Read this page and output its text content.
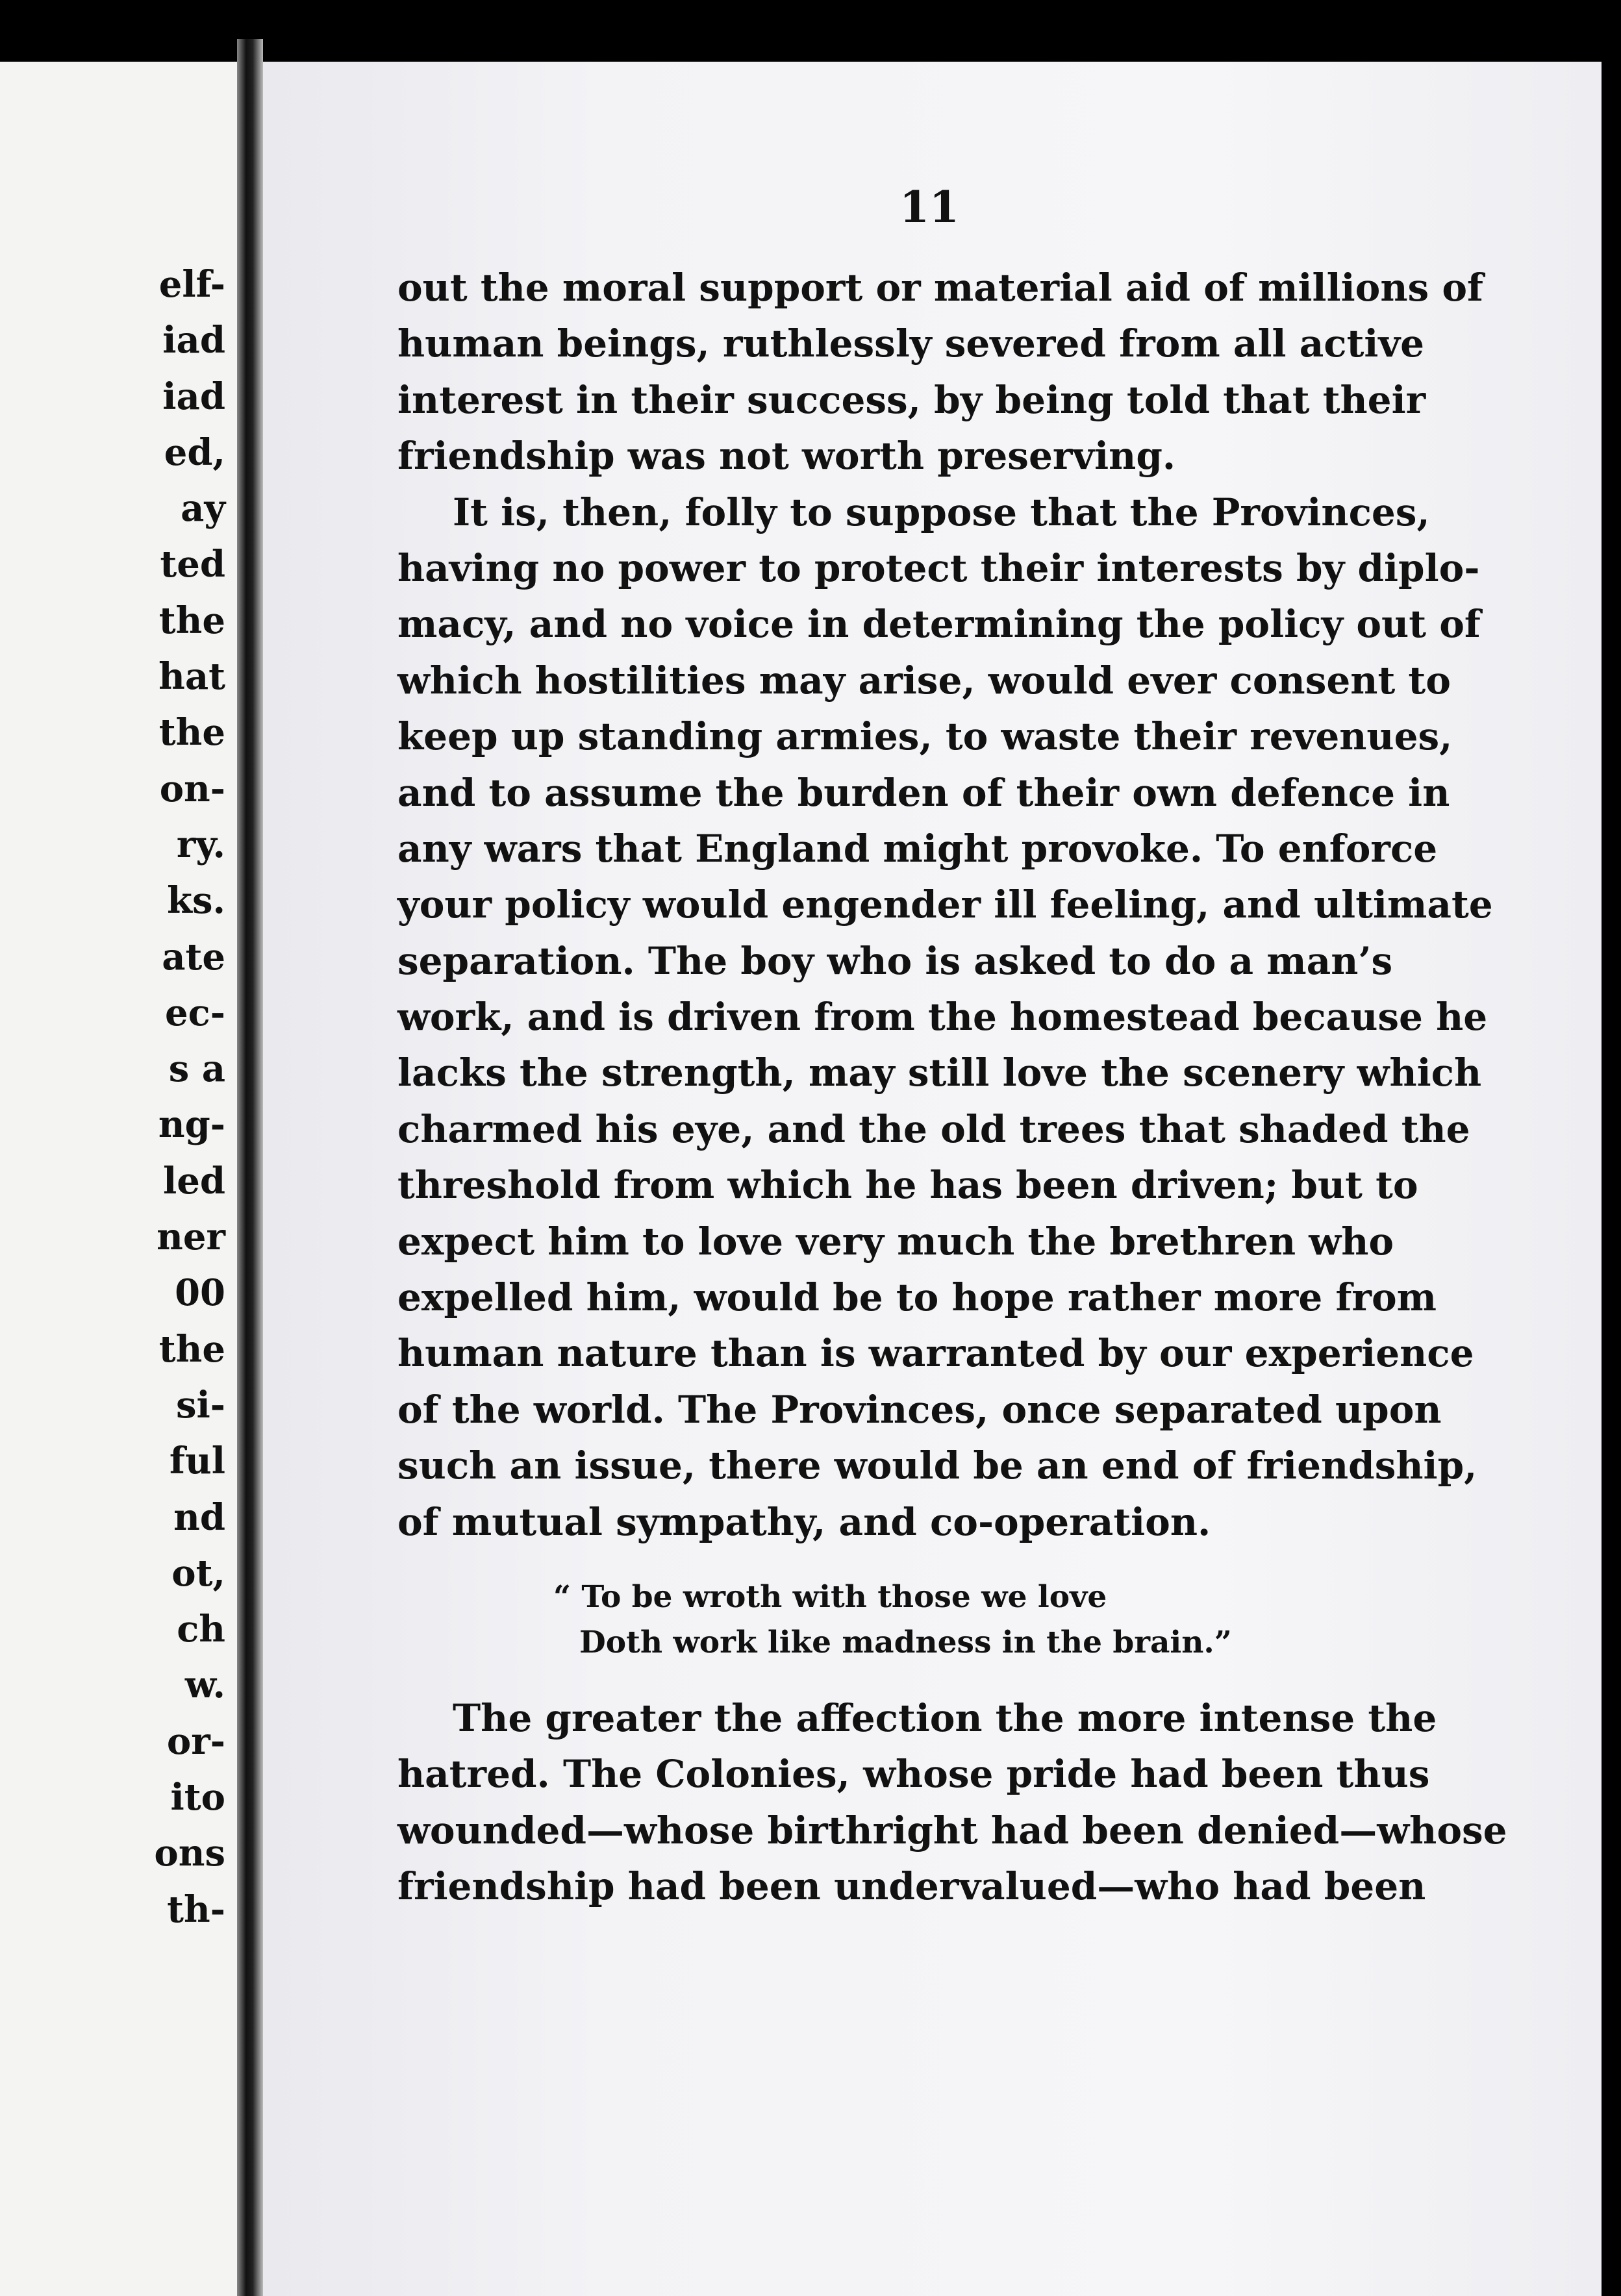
elf-
iad
iad
ed,
ay
ted
the
hat
the
on-
ry.
ks.
ate
ec-
s a
ng-
led
ner
00
the
si-
ful
nd
ot,
ch
w.
or-
ito
ons
th-
11
out the moral support or material aid of millions of
human beings, ruthlessly severed from all active
interest in their success, by being told that their
friendship was not worth preserving.
It is, then, folly to suppose that the Provinces,
having no power to protect their interests by diplo-
macy, and no voice in determining the policy out of
which hostilities may arise, would ever consent to
keep up standing armies, to waste their revenues,
and to assume the burden of their own defence in
any wars that England might provoke. To enforce
your policy would engender ill feeling, and ultimate
separation. The boy who is asked to do a man’s
work, and is driven from the homestead because he
lacks the strength, may still love the scenery which
charmed his eye, and the old trees that shaded the
threshold from which he has been driven; but to
expect him to love very much the brethren who
expelled him, would be to hope rather more from
human nature than is warranted by our experience
of the world. The Provinces, once separated upon
such an issue, there would be an end of friendship,
of mutual sympathy, and co-operation.
“ To be wroth with those we love
Doth work like madness in the brain.”
The greater the affection the more intense the
hatred. The Colonies, whose pride had been thus
wounded—whose birthright had been denied—whose
friendship had been undervalued—who had been
